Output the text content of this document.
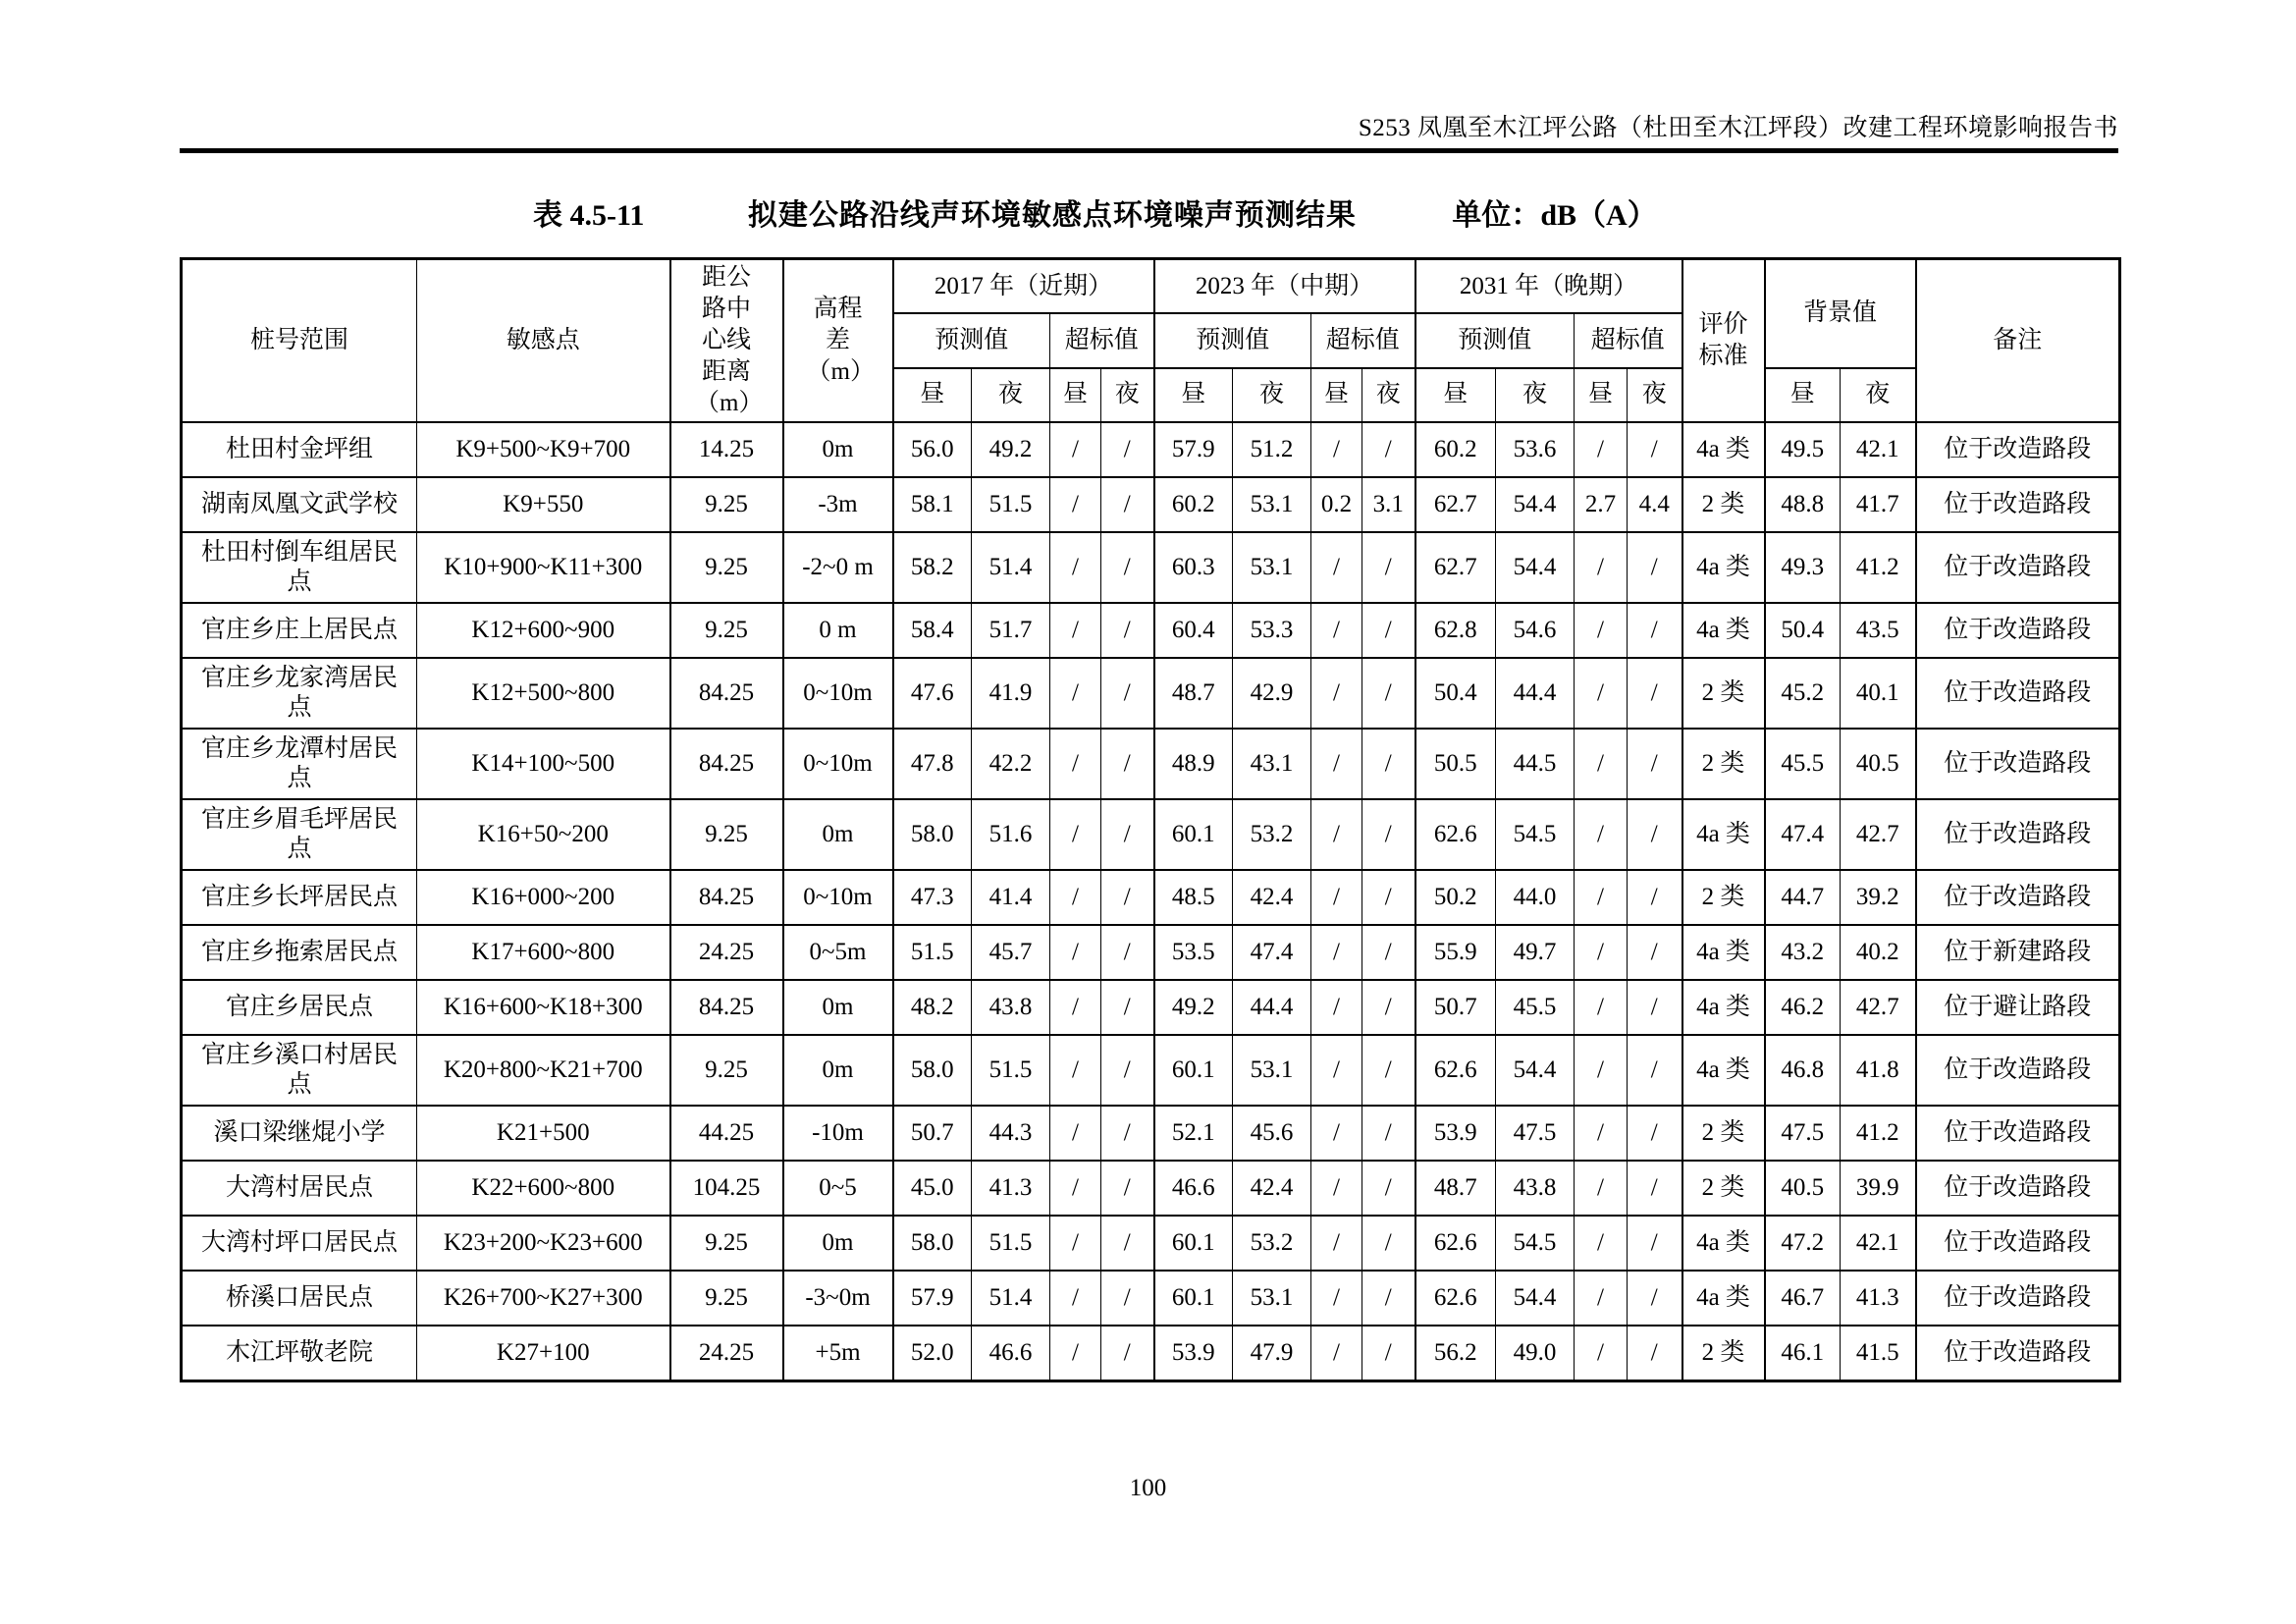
S253 凤凰至木江坪公路（杜田至木江坪段）改建工程环境影响报告书
表 4.5-11	拟建公路沿线声环境敏感点环境噪声预测结果	单位：dB（A）
桩号范围	敏感点	距公路中心线距离（m）	高程差（m）	2017 年（近期）				2023 年（中期）				2031 年（晚期）				评价标准	背景值		备注
				预测值		超标值		预测值		超标值		预测值		超标值					
				昼	夜	昼	夜	昼	夜	昼	夜	昼	夜	昼	夜		昼	夜	
杜田村金坪组	K9+500~K9+700	14.25	0m	56.0	49.2	/	/	57.9	51.2	/	/	60.2	53.6	/	/	4a 类	49.5	42.1	位于改造路段
湖南凤凰文武学校	K9+550	9.25	-3m	58.1	51.5	/	/	60.2	53.1	0.2	3.1	62.7	54.4	2.7	4.4	2 类	48.8	41.7	位于改造路段
杜田村倒车组居民点	K10+900~K11+300	9.25	-2~0 m	58.2	51.4	/	/	60.3	53.1	/	/	62.7	54.4	/	/	4a 类	49.3	41.2	位于改造路段
官庄乡庄上居民点	K12+600~900	9.25	0 m	58.4	51.7	/	/	60.4	53.3	/	/	62.8	54.6	/	/	4a 类	50.4	43.5	位于改造路段
官庄乡龙家湾居民点	K12+500~800	84.25	0~10m	47.6	41.9	/	/	48.7	42.9	/	/	50.4	44.4	/	/	2 类	45.2	40.1	位于改造路段
官庄乡龙潭村居民点	K14+100~500	84.25	0~10m	47.8	42.2	/	/	48.9	43.1	/	/	50.5	44.5	/	/	2 类	45.5	40.5	位于改造路段
官庄乡眉毛坪居民点	K16+50~200	9.25	0m	58.0	51.6	/	/	60.1	53.2	/	/	62.6	54.5	/	/	4a 类	47.4	42.7	位于改造路段
官庄乡长坪居民点	K16+000~200	84.25	0~10m	47.3	41.4	/	/	48.5	42.4	/	/	50.2	44.0	/	/	2 类	44.7	39.2	位于改造路段
官庄乡拖索居民点	K17+600~800	24.25	0~5m	51.5	45.7	/	/	53.5	47.4	/	/	55.9	49.7	/	/	4a 类	43.2	40.2	位于新建路段
官庄乡居民点	K16+600~K18+300	84.25	0m	48.2	43.8	/	/	49.2	44.4	/	/	50.7	45.5	/	/	4a 类	46.2	42.7	位于避让路段
官庄乡溪口村居民点	K20+800~K21+700	9.25	0m	58.0	51.5	/	/	60.1	53.1	/	/	62.6	54.4	/	/	4a 类	46.8	41.8	位于改造路段
溪口梁继焜小学	K21+500	44.25	-10m	50.7	44.3	/	/	52.1	45.6	/	/	53.9	47.5	/	/	2 类	47.5	41.2	位于改造路段
大湾村居民点	K22+600~800	104.25	0~5	45.0	41.3	/	/	46.6	42.4	/	/	48.7	43.8	/	/	2 类	40.5	39.9	位于改造路段
大湾村坪口居民点	K23+200~K23+600	9.25	0m	58.0	51.5	/	/	60.1	53.2	/	/	62.6	54.5	/	/	4a 类	47.2	42.1	位于改造路段
桥溪口居民点	K26+700~K27+300	9.25	-3~0m	57.9	51.4	/	/	60.1	53.1	/	/	62.6	54.4	/	/	4a 类	46.7	41.3	位于改造路段
木江坪敬老院	K27+100	24.25	+5m	52.0	46.6	/	/	53.9	47.9	/	/	56.2	49.0	/	/	2 类	46.1	41.5	位于改造路段
100
